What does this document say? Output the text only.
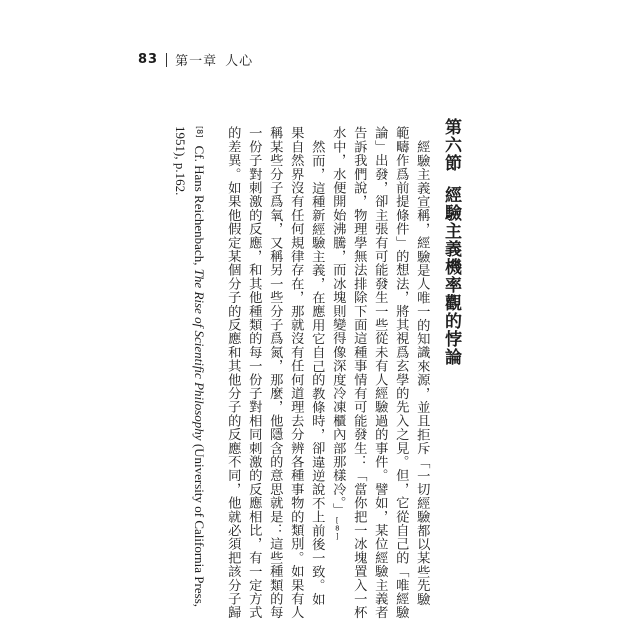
83 第一章 人心
第六節經驗主義機率觀的悖論
經驗主義宣稱，經驗是人唯一的知識來源，並且拒斥「一切經驗都以某些先驗
範疇作爲前提條件」的想法，將其視爲玄學的先入之見。但，它從自己的「唯經驗
論」出發，卻主張有可能發生一些從未有人經驗過的事件。譬如，某位經驗主義者
告訴我們說，物理學無法排除下面這種事情有可能發生：「當你把一冰塊置入一杯
水中，水便開始沸騰，而冰塊則變得像深度冷凍櫃內部那樣冷。」[8]
然而，這種新經驗主義，在應用它自己的教條時，卻違逆說不上前後一致。如
果自然界沒有任何規律存在，那就沒有任何道理去分辨各種事物的類別。如果有人
稱某些分子爲氧，又稱另一些分子爲氮，那麼，他隱含的意思就是：這些種類的每
一份子對刺激的反應，和其他種類的每一份子對相同刺激的反應相比，有一定方式
的差異。如果他假定某個分子的反應和其他分子的反應不同，他就必須把該分子歸
[8] Cf. Hans Reichenbach, The Rise of Scientific Philosophy (University of California Press,
1951), p.162.
